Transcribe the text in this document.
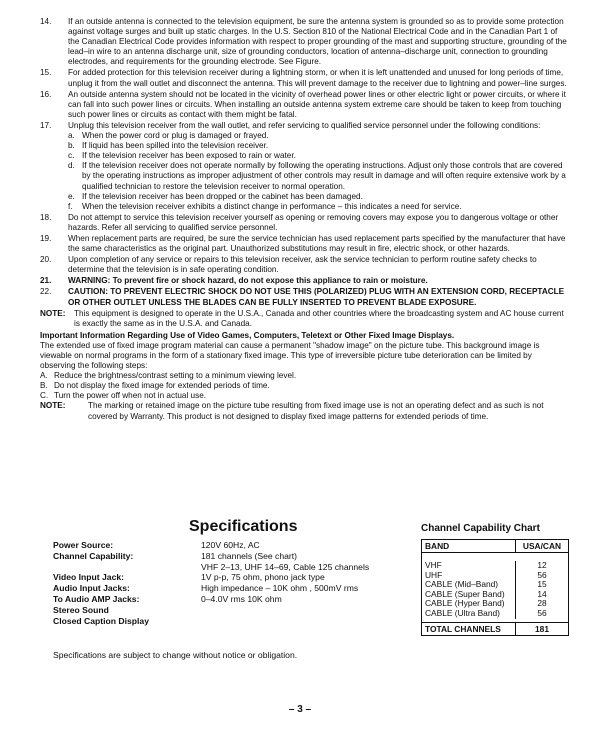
14.	If an outside antenna is connected to the television equipment, be sure the antenna system is grounded so as to provide some protection against voltage surges and built up static charges. In the U.S. Section 810 of the National Electrical Code and in the Canadian Part 1 of the Canadian Electrical Code provides information with respect to proper grounding of the mast and supporting structure, grounding of the lead–in wire to an antenna discharge unit, size of grounding conductors, location of antenna–discharge unit, connection to grounding electrodes, and requirements for the grounding electrode. See Figure.
15.	For added protection for this television receiver during a lightning storm, or when it is left unattended and unused for long periods of time, unplug it from the wall outlet and disconnect the antenna. This will prevent damage to the receiver due to lightning and power–line surges.
16.	An outside antenna system should not be located in the vicinity of overhead power lines or other electric light or power circuits, or where it can fall into such power lines or circuits. When installing an outside antenna system extreme care should be taken to keep from touching such power lines or circuits as contact with them might be fatal.
17.	Unplug this television receiver from the wall outlet, and refer servicing to qualified service personnel under the following conditions:
a. When the power cord or plug is damaged or frayed.
b. If liquid has been spilled into the television receiver.
c. If the television receiver has been exposed to rain or water.
d. If the television receiver does not operate normally by following the operating instructions. Adjust only those controls that are covered by the operating instructions as improper adjustment of other controls may result in damage and will often require extensive work by a qualified technician to restore the television receiver to normal operation.
e. If the television receiver has been dropped or the cabinet has been damaged.
f. When the television receiver exhibits a distinct change in performance – this indicates a need for service.
18.	Do not attempt to service this television receiver yourself as opening or removing covers may expose you to dangerous voltage or other hazards. Refer all servicing to qualified service personnel.
19.	When replacement parts are required, be sure the service technician has used replacement parts specified by the manufacturer that have the same characteristics as the original part. Unauthorized substitutions may result in fire, electric shock, or other hazards.
20.	Upon completion of any service or repairs to this television receiver, ask the service technician to perform routine safety checks to determine that the television is in safe operating condition.
21.	WARNING: To prevent fire or shock hazard, do not expose this appliance to rain or moisture.
22.	CAUTION: TO PREVENT ELECTRIC SHOCK DO NOT USE THIS (POLARIZED) PLUG WITH AN EXTENSION CORD, RECEPTACLE OR OTHER OUTLET UNLESS THE BLADES CAN BE FULLY INSERTED TO PREVENT BLADE EXPOSURE.
NOTE:	This equipment is designed to operate in the U.S.A., Canada and other countries where the broadcasting system and AC house current is exactly the same as in the U.S.A. and Canada.
Important Information Regarding Use of Video Games, Computers, Teletext or Other Fixed Image Displays.
The extended use of fixed image program material can cause a permanent "shadow image" on the picture tube. This background image is viewable on normal programs in the form of a stationary fixed image. This type of irreversible picture tube deterioration can be limited by observing the following steps:
A. Reduce the brightness/contrast setting to a minimum viewing level.
B. Do not display the fixed image for extended periods of time.
C. Turn the power off when not in actual use.
NOTE:	The marking or retained image on the picture tube resulting from fixed image use is not an operating defect and as such is not covered by Warranty. This product is not designed to display fixed image patterns for extended periods of time.
Specifications
Power Source:	120V 60Hz, AC
Channel Capability:	181 channels (See chart)
VHF 2–13, UHF 14–69, Cable 125 channels
Video Input Jack:	1V p-p, 75 ohm, phono jack type
Audio Input Jacks:	High impedance – 10K ohm , 500mV rms
To Audio AMP Jacks:	0–4.0V rms 10K ohm
Stereo Sound
Closed Caption Display
Specifications are subject to change without notice or obligation.
Channel Capability Chart
BAND	USA/CAN
VHF	12
UHF	56
CABLE (Mid–Band)	15
CABLE (Super Band)	14
CABLE (Hyper Band)	28
CABLE (Ultra Band)	56
TOTAL CHANNELS	181
– 3 –
